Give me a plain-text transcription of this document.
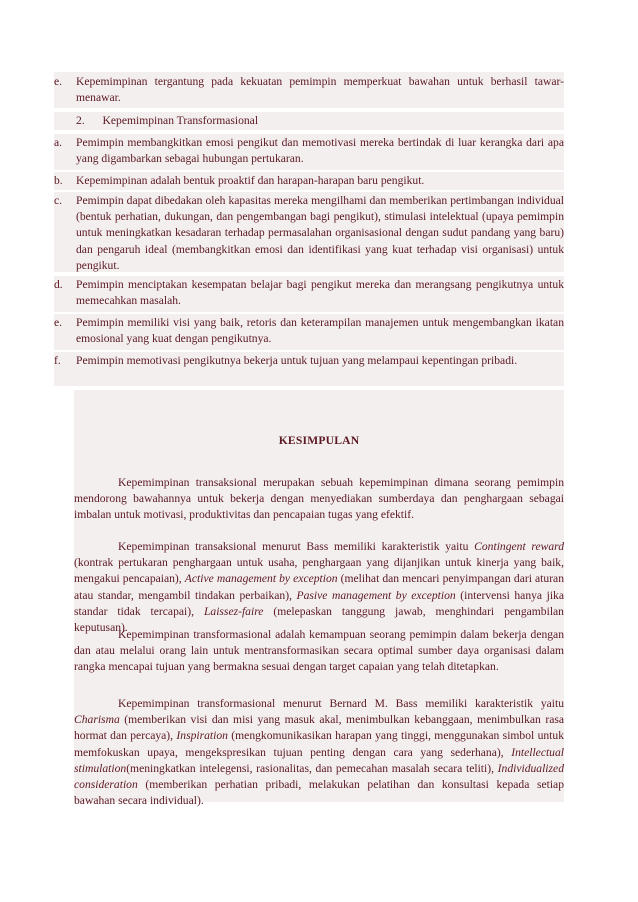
e. Kepemimpinan tergantung pada kekuatan pemimpin memperkuat bawahan untuk berhasil tawar-menawar.
2. Kepemimpinan Transformasional
a. Pemimpin membangkitkan emosi pengikut dan memotivasi mereka bertindak di luar kerangka dari apa yang digambarkan sebagai hubungan pertukaran.
b. Kepemimpinan adalah bentuk proaktif dan harapan-harapan baru pengikut.
c. Pemimpin dapat dibedakan oleh kapasitas mereka mengilhami dan memberikan pertimbangan individual (bentuk perhatian, dukungan, dan pengembangan bagi pengikut), stimulasi intelektual (upaya pemimpin untuk meningkatkan kesadaran terhadap permasalahan organisasional dengan sudut pandang yang baru) dan pengaruh ideal (membangkitkan emosi dan identifikasi yang kuat terhadap visi organisasi) untuk pengikut.
d. Pemimpin menciptakan kesempatan belajar bagi pengikut mereka dan merangsang pengikutnya untuk memecahkan masalah.
e. Pemimpin memiliki visi yang baik, retoris dan keterampilan manajemen untuk mengembangkan ikatan emosional yang kuat dengan pengikutnya.
f. Pemimpin memotivasi pengikutnya bekerja untuk tujuan yang melampaui kepentingan pribadi.
KESIMPULAN
Kepemimpinan transaksional merupakan sebuah kepemimpinan dimana seorang pemimpin mendorong bawahannya untuk bekerja dengan menyediakan sumberdaya dan penghargaan sebagai imbalan untuk motivasi, produktivitas dan pencapaian tugas yang efektif.
Kepemimpinan transaksional menurut Bass memiliki karakteristik yaitu Contingent reward (kontrak pertukaran penghargaan untuk usaha, penghargaan yang dijanjikan untuk kinerja yang baik, mengakui pencapaian), Active management by exception (melihat dan mencari penyimpangan dari aturan atau standar, mengambil tindakan perbaikan), Pasive management by exception (intervensi hanya jika standar tidak tercapai), Laissez-faire (melepaskan tanggung jawab, menghindari pengambilan keputusan).
Kepemimpinan transformasional adalah kemampuan seorang pemimpin dalam bekerja dengan dan atau melalui orang lain untuk mentransformasikan secara optimal sumber daya organisasi dalam rangka mencapai tujuan yang bermakna sesuai dengan target capaian yang telah ditetapkan.
Kepemimpinan transformasional menurut Bernard M. Bass memiliki karakteristik yaitu Charisma (memberikan visi dan misi yang masuk akal, menimbulkan kebanggaan, menimbulkan rasa hormat dan percaya), Inspiration (mengkomunikasikan harapan yang tinggi, menggunakan simbol untuk memfokuskan upaya, mengekspresikan tujuan penting dengan cara yang sederhana), Intellectual stimulation(meningkatkan intelegensi, rasionalitas, dan pemecahan masalah secara teliti), Individualized consideration (memberikan perhatian pribadi, melakukan pelatihan dan konsultasi kepada setiap bawahan secara individual).
